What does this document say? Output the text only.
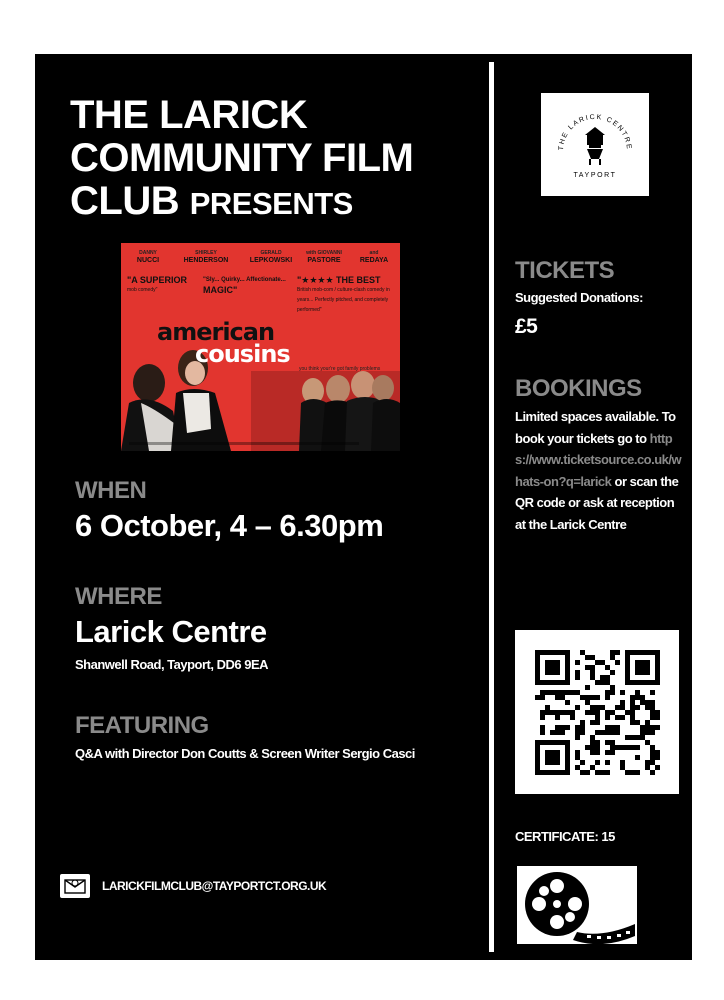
THE LARICK
COMMUNITY FILM
CLUB PRESENTS
DANNY
NUCCI
SHIRLEY
HENDERSON
GERALD
LEPKOWSKI
with GIOVANNI
PASTORE
and
REDAYA
"A SUPERIOR
mob comedy"
"Sly... Quirky... Affectionate...
MAGIC"
"★★★★ THE BEST
British mob-com / culture-clash comedy in years... Perfectly pitched, and completely performed"
american
cousins
you think your're got family problems
WHEN
6 October, 4 – 6.30pm
WHERE
Larick Centre
Shanwell Road, Tayport, DD6 9EA
FEATURING
Q&A with Director Don Coutts & Screen Writer Sergio Casci
LARICKFILMCLUB@TAYPORTCT.ORG.UK
THE LARICK CENTRE
TAYPORT
TICKETS
Suggested Donations:
£5
BOOKINGS
Limited spaces available. To book your tickets go to https://www.ticketsource.co.uk/whats-on?q=larick or scan the QR code or ask at reception at the Larick Centre
CERTIFICATE: 15
